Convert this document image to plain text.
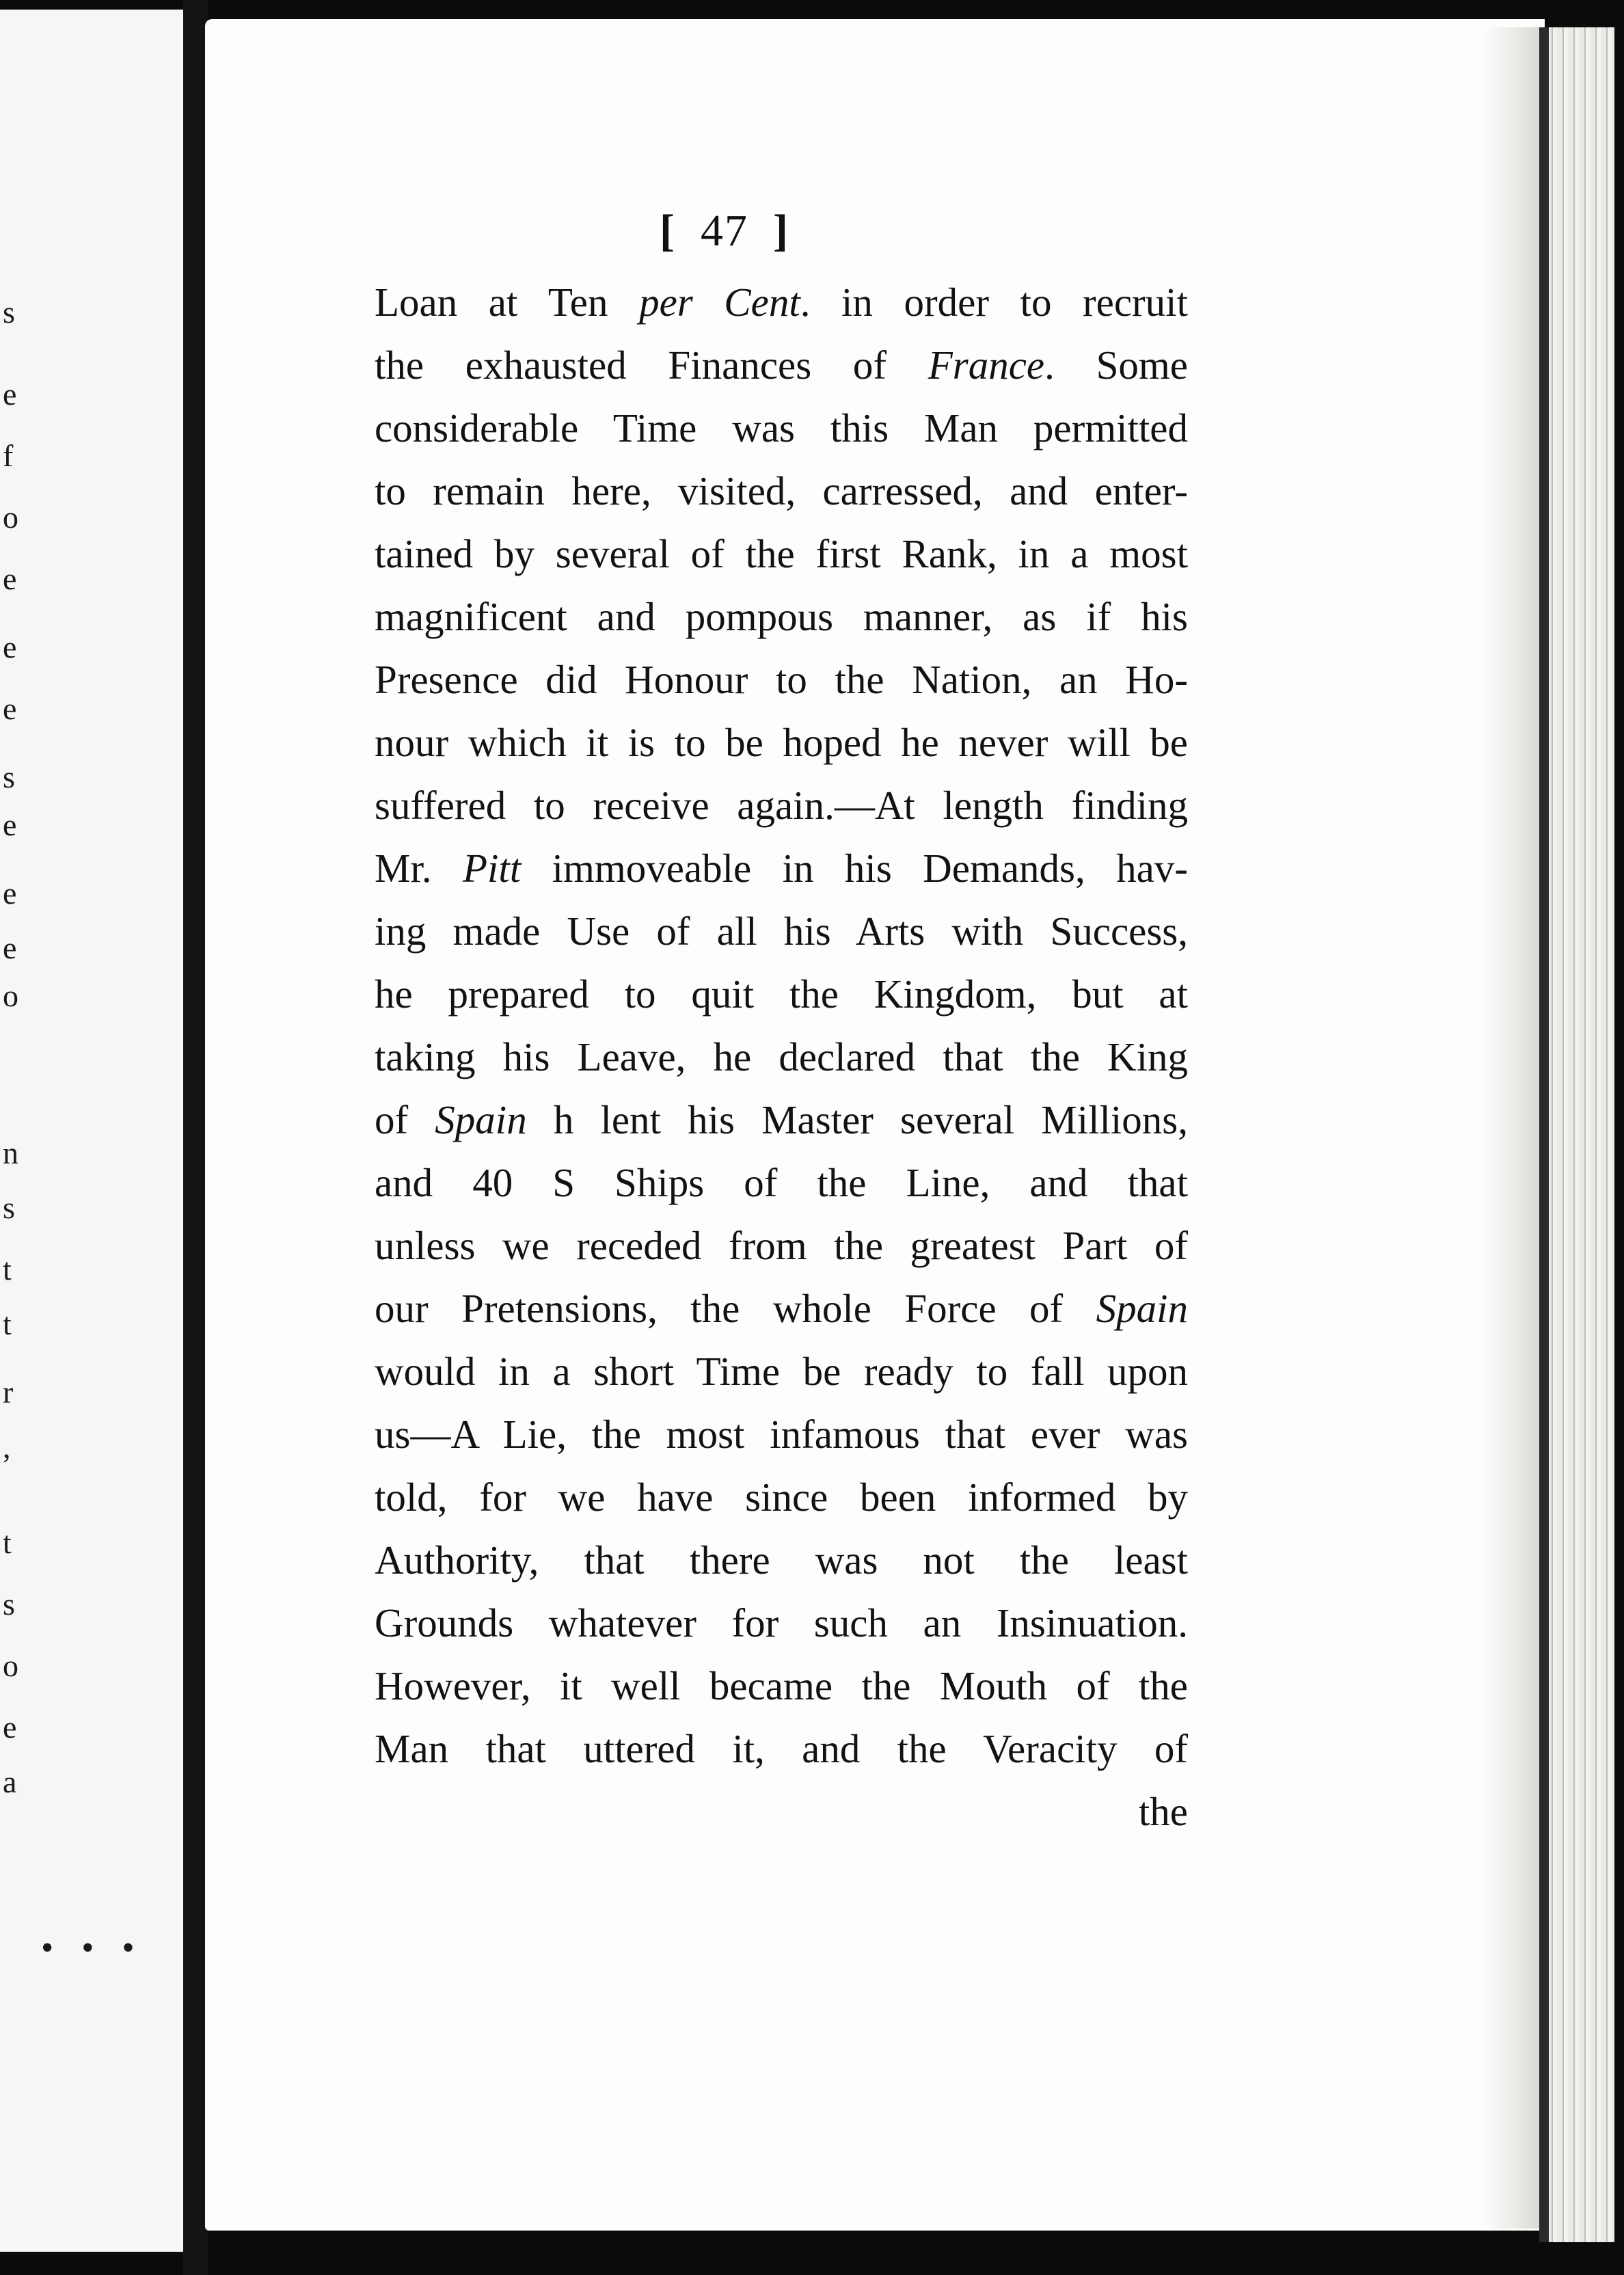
s
e
f
o
e
e
e
s
e
e
e
o
n
s
t
t
r
,
t
s
o
e
a
• • •
[ 47 ]
Loan at Ten per Cent. in order to recruit
the exhausted Finances of France. Some
considerable Time was this Man permitted
to remain here, visited, carressed, and enter-
tained by several of the first Rank, in a most
magnificent and pompous manner, as if his
Presence did Honour to the Nation, an Ho-
nour which it is to be hoped he never will be
suffered to receive again.—At length finding
Mr. Pitt immoveable in his Demands, hav-
ing made Use of all his Arts with Success,
he prepared to quit the Kingdom, but at
taking his Leave, he declared that the King
of Spain h lent his Master several Millions,
and 40 S Ships of the Line, and that
unless we receded from the greatest Part of
our Pretensions, the whole Force of Spain
would in a short Time be ready to fall upon
us—A Lie, the most infamous that ever was
told, for we have since been informed by
Authority, that there was not the least
Grounds whatever for such an Insinuation.
However, it well became the Mouth of the
Man that uttered it, and the Veracity of
the
